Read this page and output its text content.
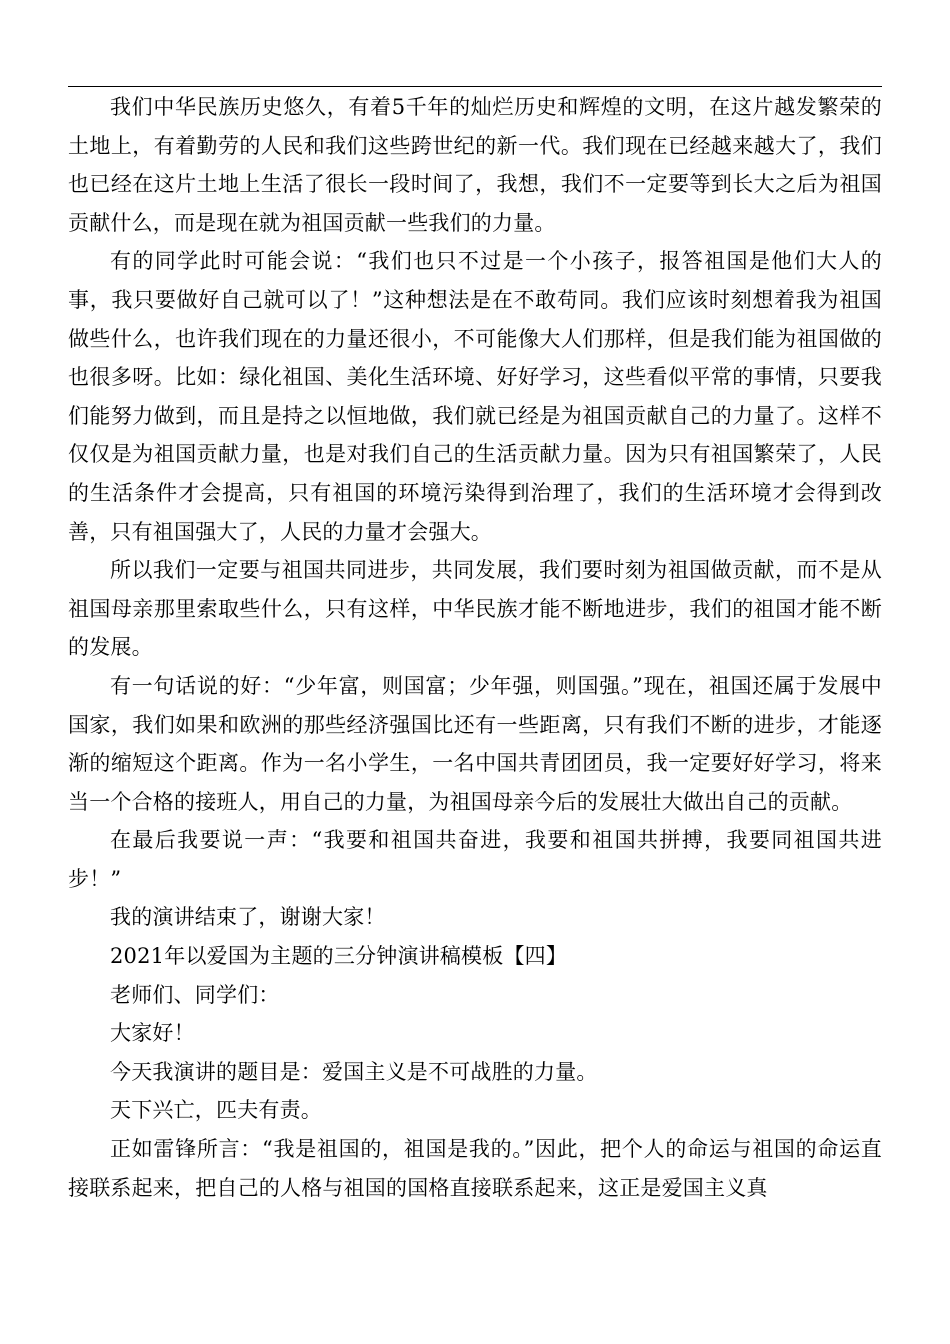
我们中华民族历史悠久，有着5千年的灿烂历史和辉煌的文明，在这片越发繁荣的土地上，有着勤劳的人民和我们这些跨世纪的新一代。我们现在已经越来越大了，我们也已经在这片土地上生活了很长一段时间了，我想，我们不一定要等到长大之后为祖国贡献什么，而是现在就为祖国贡献一些我们的力量。

有的同学此时可能会说：“我们也只不过是一个小孩子，报答祖国是他们大人的事，我只要做好自己就可以了！”这种想法是在不敢苟同。我们应该时刻想着我为祖国做些什么，也许我们现在的力量还很小，不可能像大人们那样，但是我们能为祖国做的也很多呀。比如：绿化祖国、美化生活环境、好好学习，这些看似平常的事情，只要我们能努力做到，而且是持之以恒地做，我们就已经是为祖国贡献自己的力量了。这样不仅仅是为祖国贡献力量，也是对我们自己的生活贡献力量。因为只有祖国繁荣了，人民的生活条件才会提高，只有祖国的环境污染得到治理了，我们的生活环境才会得到改善，只有祖国强大了，人民的力量才会强大。

所以我们一定要与祖国共同进步，共同发展，我们要时刻为祖国做贡献，而不是从祖国母亲那里索取些什么，只有这样，中华民族才能不断地进步，我们的祖国才能不断的发展。

有一句话说的好：“少年富，则国富；少年强，则国强。”现在，祖国还属于发展中国家，我们如果和欧洲的那些经济强国比还有一些距离，只有我们不断的进步，才能逐渐的缩短这个距离。作为一名小学生，一名中国共青团团员，我一定要好好学习，将来当一个合格的接班人，用自己的力量，为祖国母亲今后的发展壮大做出自己的贡献。

在最后我要说一声：“我要和祖国共奋进，我要和祖国共拼搏，我要同祖国共进步！”

我的演讲结束了，谢谢大家！

2021年以爱国为主题的三分钟演讲稿模板【四】

老师们、同学们：

大家好！

今天我演讲的题目是：爱国主义是不可战胜的力量。

天下兴亡，匹夫有责。

正如雷锋所言：“我是祖国的，祖国是我的。”因此，把个人的命运与祖国的命运直接联系起来，把自己的人格与祖国的国格直接联系起来，这正是爱国主义真
